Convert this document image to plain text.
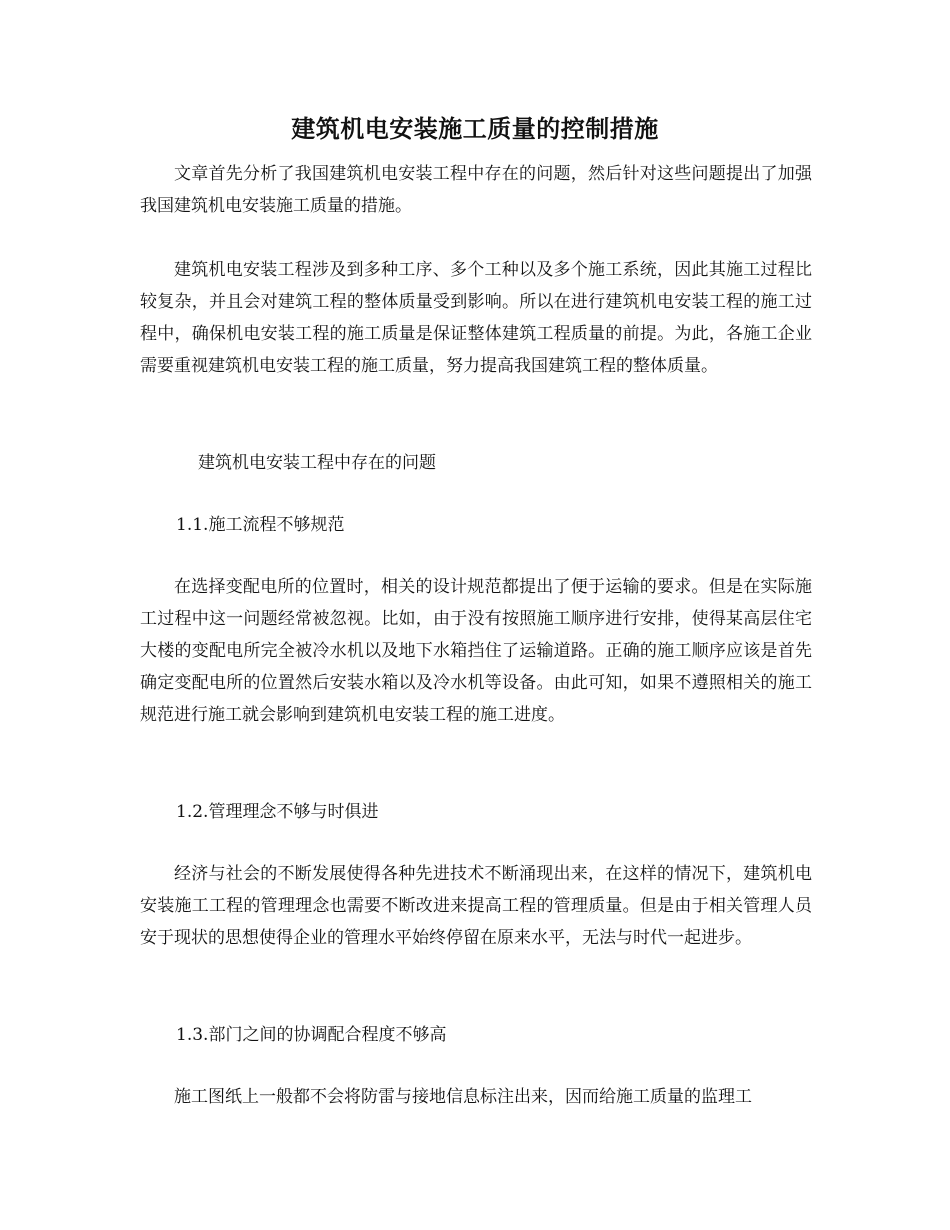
建筑机电安装施工质量的控制措施

文章首先分析了我国建筑机电安装工程中存在的问题，然后针对这些问题提出了加强我国建筑机电安装施工质量的措施。

建筑机电安装工程涉及到多种工序、多个工种以及多个施工系统，因此其施工过程比较复杂，并且会对建筑工程的整体质量受到影响。所以在进行建筑机电安装工程的施工过程中，确保机电安装工程的施工质量是保证整体建筑工程质量的前提。为此，各施工企业需要重视建筑机电安装工程的施工质量，努力提高我国建筑工程的整体质量。

建筑机电安装工程中存在的问题

1.1.施工流程不够规范

在选择变配电所的位置时，相关的设计规范都提出了便于运输的要求。但是在实际施工过程中这一问题经常被忽视。比如，由于没有按照施工顺序进行安排，使得某高层住宅大楼的变配电所完全被冷水机以及地下水箱挡住了运输道路。正确的施工顺序应该是首先确定变配电所的位置然后安装水箱以及冷水机等设备。由此可知，如果不遵照相关的施工规范进行施工就会影响到建筑机电安装工程的施工进度。

1.2.管理理念不够与时俱进

经济与社会的不断发展使得各种先进技术不断涌现出来，在这样的情况下，建筑机电安装施工工程的管理理念也需要不断改进来提高工程的管理质量。但是由于相关管理人员安于现状的思想使得企业的管理水平始终停留在原来水平，无法与时代一起进步。

1.3.部门之间的协调配合程度不够高

施工图纸上一般都不会将防雷与接地信息标注出来，因而给施工质量的监理工
